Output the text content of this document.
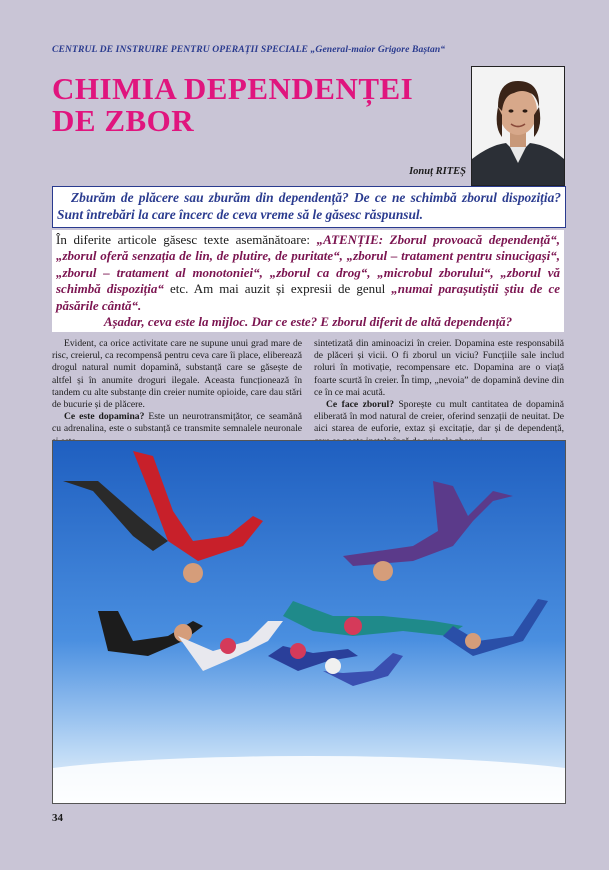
CENTRUL DE INSTRUIRE PENTRU OPERAȚII SPECIALE „General-maior Grigore Baștan“
CHIMIA DEPENDENȚEI
DE ZBOR
Ionuț RITEȘ
Zburăm de plăcere sau zburăm din dependență? De ce ne schimbă zborul dispoziția? Sunt întrebări la care încerc de ceva vreme să le găsesc răspunsul.
În diferite articole găsesc texte asemănătoare: „ATENȚIE: Zborul provoacă dependență“, „zborul oferă senzația de lin, de plutire, de puritate“, „zborul – tratament pentru sinucigași“, „zborul – tratament al monotoniei“, „zborul ca drog“, „microbul zborului“, „zborul vă schimbă dispoziția“ etc. Am mai auzit și expresii de genul „numai parașutiștii știu de ce păsările cântă“.
Așadar, ceva este la mijloc. Dar ce este? E zborul diferit de altă dependență?

Evident, ca orice activitate care ne supune unui grad mare de risc, creierul, ca recompensă pentru ceva care îi place, eliberează drogul natural numit dopamină, substanță care se găsește de altfel și în anumite droguri ilegale. Aceasta funcționează în tandem cu alte substanțe din creier numite opioide, care dau stări de bucurie și de plăcere.

Ce este dopamina? Este un neurotransmițător, ce seamănă cu adrenalina, este o substanță ce transmite semnalele neuronale

sintetizată din aminoacizi în creier. Dopamina este responsabilă de plăceri și vicii. O fi zborul un viciu? Funcțiile sale includ roluri în motivație, recompensare etc. Dopamina are o viață foarte scurtă în creier. În timp, „nevoia” de dopamină devine din ce în ce mai acută.

Ce face zborul? Sporește cu mult cantitatea de dopamină eliberată în mod natural de creier, oferind senzații de neuitat. De aici starea de euforie, extaz și excitație, dar și de dependență,

34
